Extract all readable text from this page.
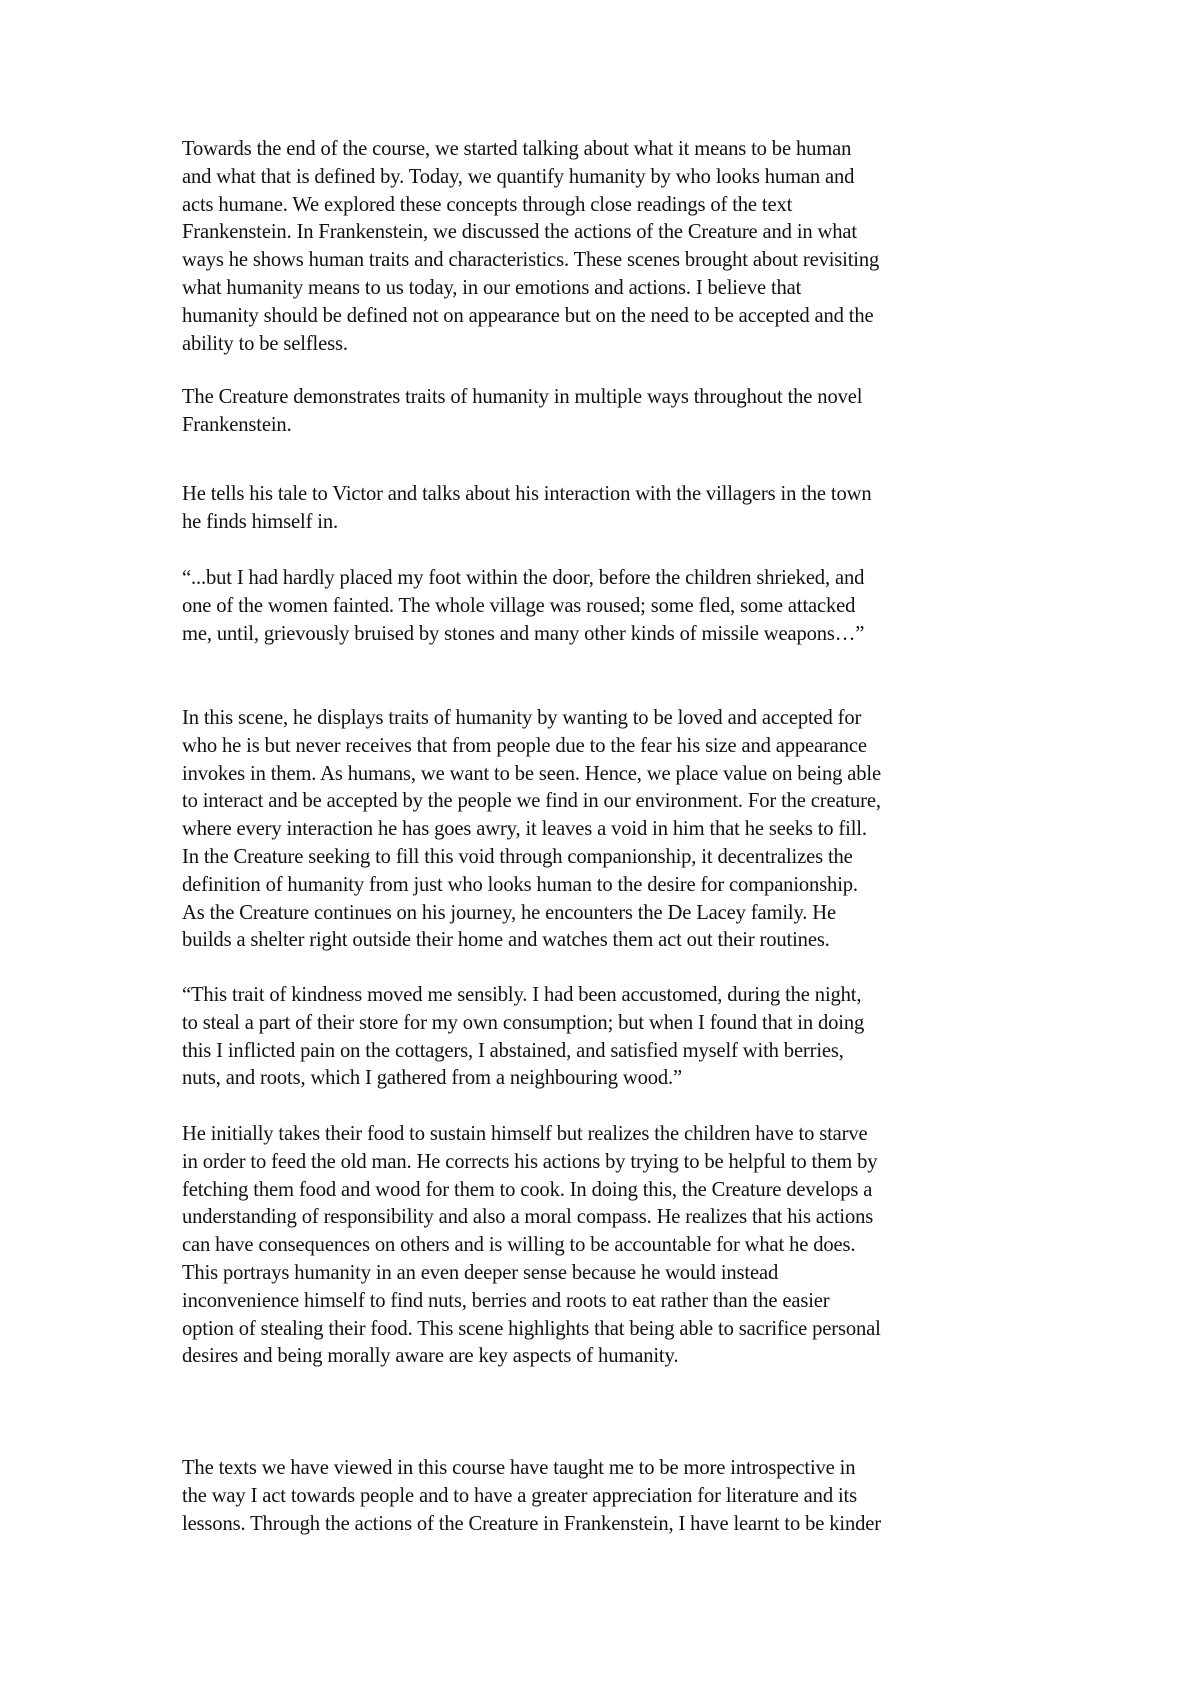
Towards the end of the course, we started talking about what it means to be human
and what that is defined by. Today, we quantify humanity by who looks human and
acts humane. We explored these concepts through close readings of the text
Frankenstein. In Frankenstein, we discussed the actions of the Creature and in what
ways he shows human traits and characteristics. These scenes brought about revisiting
what humanity means to us today, in our emotions and actions. I believe that
humanity should be defined not on appearance but on the need to be accepted and the
ability to be selfless.

The Creature demonstrates traits of humanity in multiple ways throughout the novel
Frankenstein.

He tells his tale to Victor and talks about his interaction with the villagers in the town
he finds himself in.

“...but I had hardly placed my foot within the door, before the children shrieked, and
one of the women fainted. The whole village was roused; some fled, some attacked
me, until, grievously bruised by stones and many other kinds of missile weapons…”

In this scene, he displays traits of humanity by wanting to be loved and accepted for
who he is but never receives that from people due to the fear his size and appearance
invokes in them. As humans, we want to be seen. Hence, we place value on being able
to interact and be accepted by the people we find in our environment. For the creature,
where every interaction he has goes awry, it leaves a void in him that he seeks to fill.
In the Creature seeking to fill this void through companionship, it decentralizes the
definition of humanity from just who looks human to the desire for companionship.
As the Creature continues on his journey, he encounters the De Lacey family. He
builds a shelter right outside their home and watches them act out their routines.

“This trait of kindness moved me sensibly. I had been accustomed, during the night,
to steal a part of their store for my own consumption; but when I found that in doing
this I inflicted pain on the cottagers, I abstained, and satisfied myself with berries,
nuts, and roots, which I gathered from a neighbouring wood.”

He initially takes their food to sustain himself but realizes the children have to starve
in order to feed the old man. He corrects his actions by trying to be helpful to them by
fetching them food and wood for them to cook. In doing this, the Creature develops a
understanding of responsibility and also a moral compass. He realizes that his actions
can have consequences on others and is willing to be accountable for what he does.
This portrays humanity in an even deeper sense because he would instead
inconvenience himself to find nuts, berries and roots to eat rather than the easier
option of stealing their food. This scene highlights that being able to sacrifice personal
desires and being morally aware are key aspects of humanity.

The texts we have viewed in this course have taught me to be more introspective in
the way I act towards people and to have a greater appreciation for literature and its
lessons. Through the actions of the Creature in Frankenstein, I have learnt to be kinder
